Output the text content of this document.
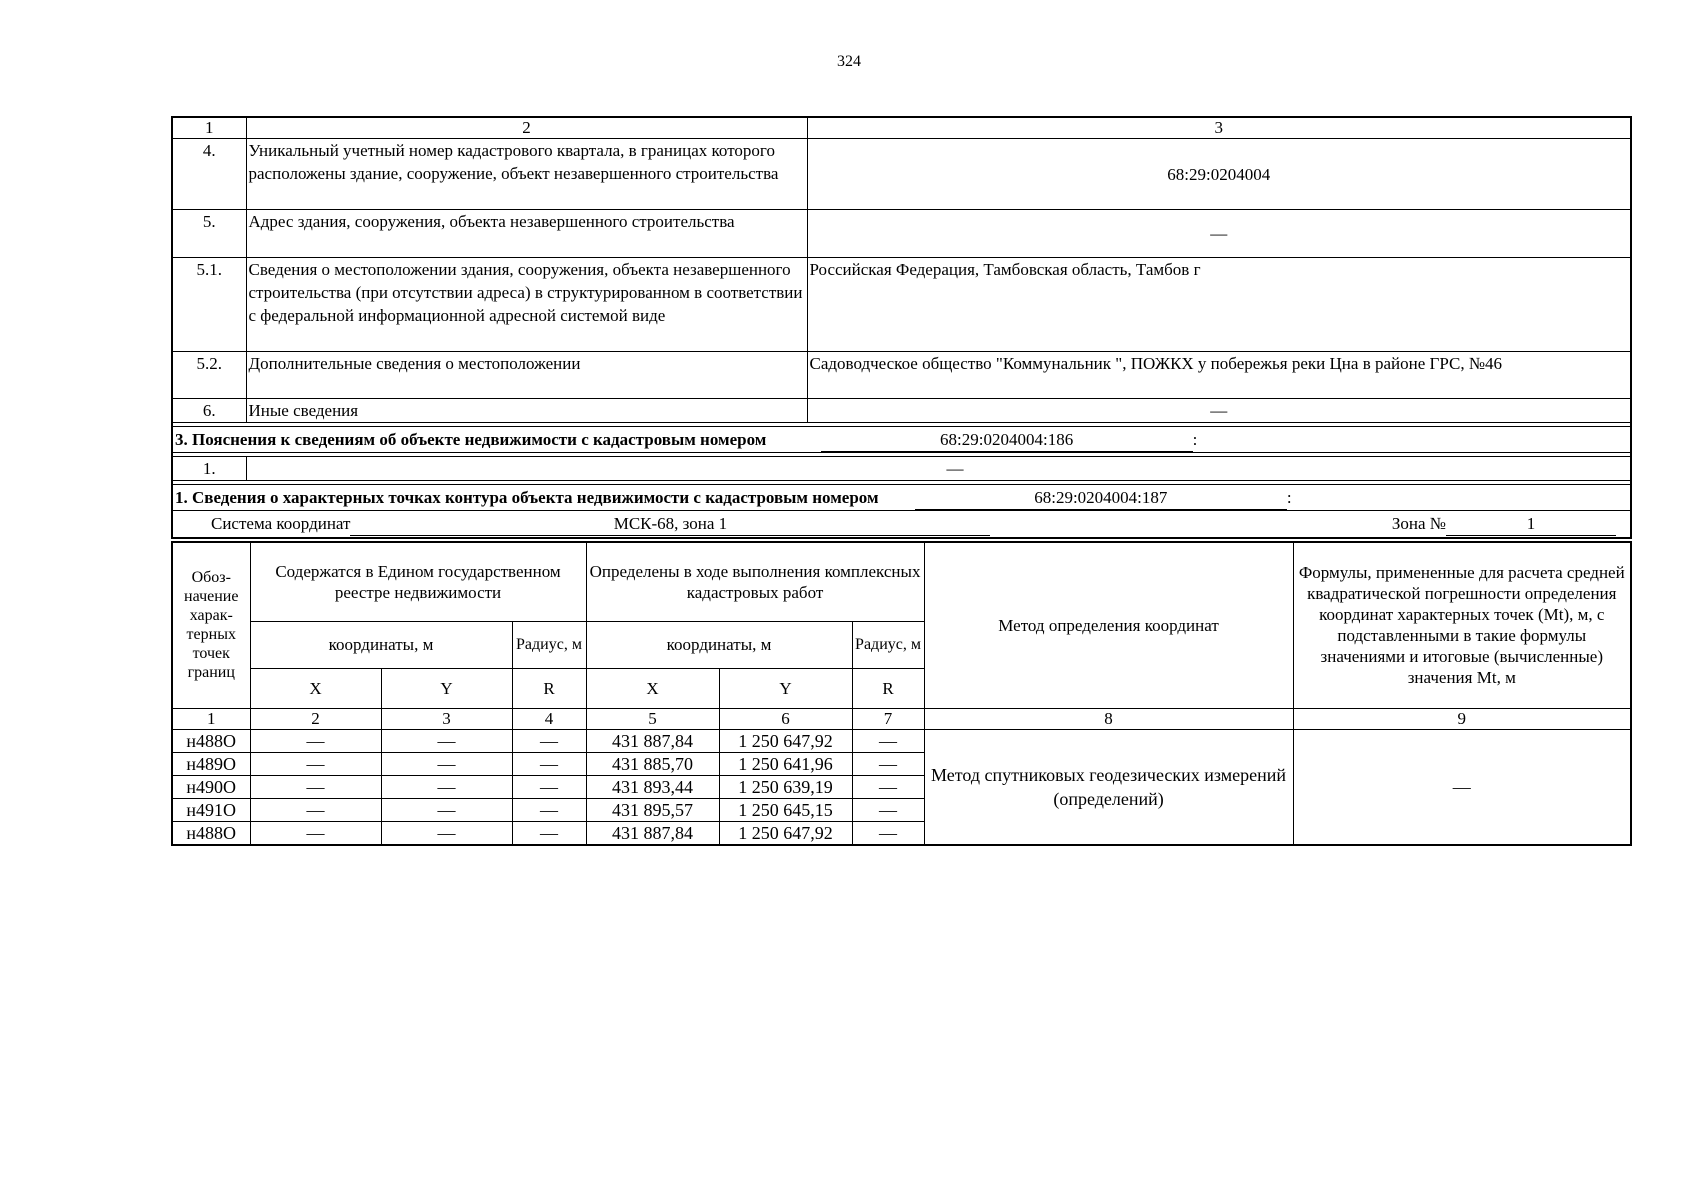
324
1	2	3
4.	Уникальный учетный номер кадастрового квартала, в границах которого расположены здание, сооружение, объект незавершенного строительства	68:29:0204004
5.	Адрес здания, сооружения, объекта незавершенного строительства	—
5.1.	Сведения о местоположении здания, сооружения, объекта незавершенного строительства (при отсутствии адреса) в структурированном в соответствии с федеральной информационной адресной системой виде	Российская Федерация, Тамбовская область, Тамбов г
5.2.	Дополнительные сведения о местоположении	Садоводческое общество "Коммунальник ", ПОЖКХ у побережья реки Цна в районе ГРС, №46
6.	Иные сведения	—

3. Пояснения к сведениям об объекте недвижимости с кадастровым номером 68:29:0204004:186 :		

1.	—	

1. Сведения о характерных точках контура объекта недвижимости с кадастровым номером 68:29:0204004:187 :		
Система координат МСК-68, зона 1 Зона № 1		
Обоз-начение харак-терных точек границ	Содержатся в Едином государственном реестре недвижимости			Определены в ходе выполнения комплексных кадастровых работ			Метод определения координат	Формулы, примененные для расчета средней квадратической погрешности определения координат характерных точек (Mt), м, с подставленными в такие формулы значениями и итоговые (вычисленные) значения Mt, м
	координаты, м		Радиус, м	координаты, м		Радиус, м		
	X	Y	R	X	Y	R		
1	2	3	4	5	6	7	8	9
н488О	—	—	—	431 887,84	1 250 647,92	—	Метод спутниковых геодезических измерений (определений)	—
н489О	—	—	—	431 885,70	1 250 641,96	—		
н490О	—	—	—	431 893,44	1 250 639,19	—		
н491О	—	—	—	431 895,57	1 250 645,15	—		
н488О	—	—	—	431 887,84	1 250 647,92	—		
